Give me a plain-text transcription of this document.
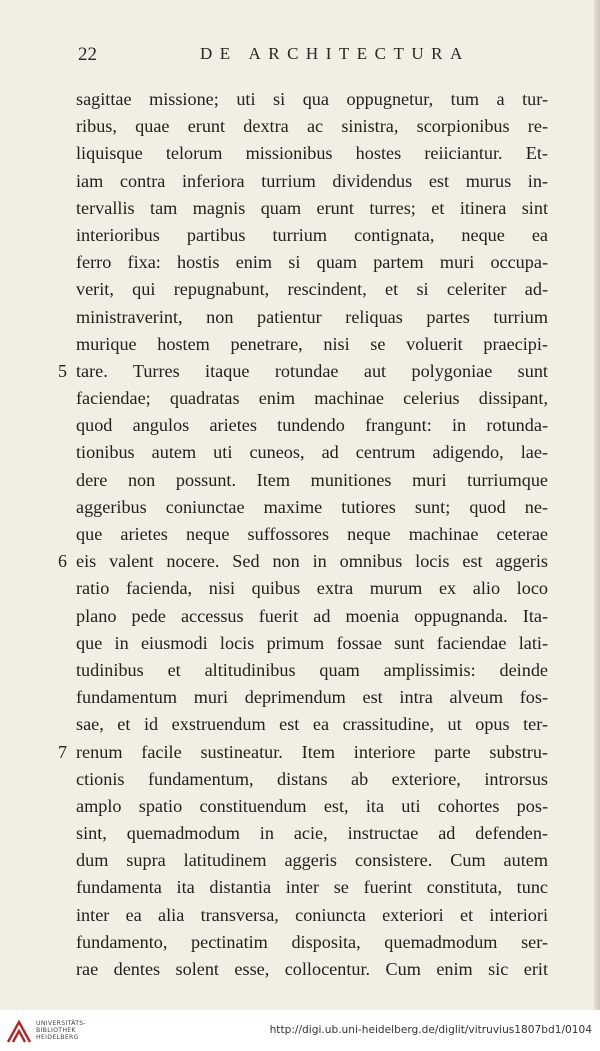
22	DE ARCHITECTURA
sagittae missione; uti si qua oppugnetur, tum a tur-
ribus, quae erunt dextra ac sinistra, scorpionibus re-
liquisque telorum missionibus hostes reiiciantur. Et-
iam contra inferiora turrium dividendus est murus in-
tervallis tam magnis quam erunt turres; et itinera sint
interioribus partibus turrium contignata, neque ea
ferro fixa: hostis enim si quam partem muri occupa-
verit, qui repugnabunt, rescindent, et si celeriter ad-
ministraverint, non patientur reliquas partes turrium
murique hostem penetrare, nisi se voluerit praecipi-
5 tare. Turres itaque rotundae aut polygoniae sunt
faciendae; quadratas enim machinae celerius dissipant,
quod angulos arietes tundendo frangunt: in rotunda-
tionibus autem uti cuneos, ad centrum adigendo, lae-
dere non possunt. Item munitiones muri turriumque
aggeribus coniunctae maxime tutiores sunt; quod ne-
que arietes neque suffossores neque machinae ceterae
6 eis valent nocere. Sed non in omnibus locis est aggeris
ratio facienda, nisi quibus extra murum ex alio loco
plano pede accessus fuerit ad moenia oppugnanda. Ita-
que in eiusmodi locis primum fossae sunt faciendae lati-
tudinibus et altitudinibus quam amplissimis: deinde
fundamentum muri deprimendum est intra alveum fos-
sae, et id exstruendum est ea crassitudine, ut opus ter-
7 renum facile sustineatur. Item interiore parte substru-
ctionis fundamentum, distans ab exteriore, introrsus
amplo spatio constituendum est, ita uti cohortes pos-
sint, quemadmodum in acie, instructae ad defenden-
dum supra latitudinem aggeris consistere. Cum autem
fundamenta ita distantia inter se fuerint constituta, tunc
inter ea alia transversa, coniuncta exteriori et interiori
fundamento, pectinatim disposita, quemadmodum ser-
rae dentes solent esse, collocentur. Cum enim sic erit
UNIVERSITÄTS-
BIBLIOTHEK
HEIDELBERG
http://digi.ub.uni-heidelberg.de/diglit/vitruvius1807bd1/0104
